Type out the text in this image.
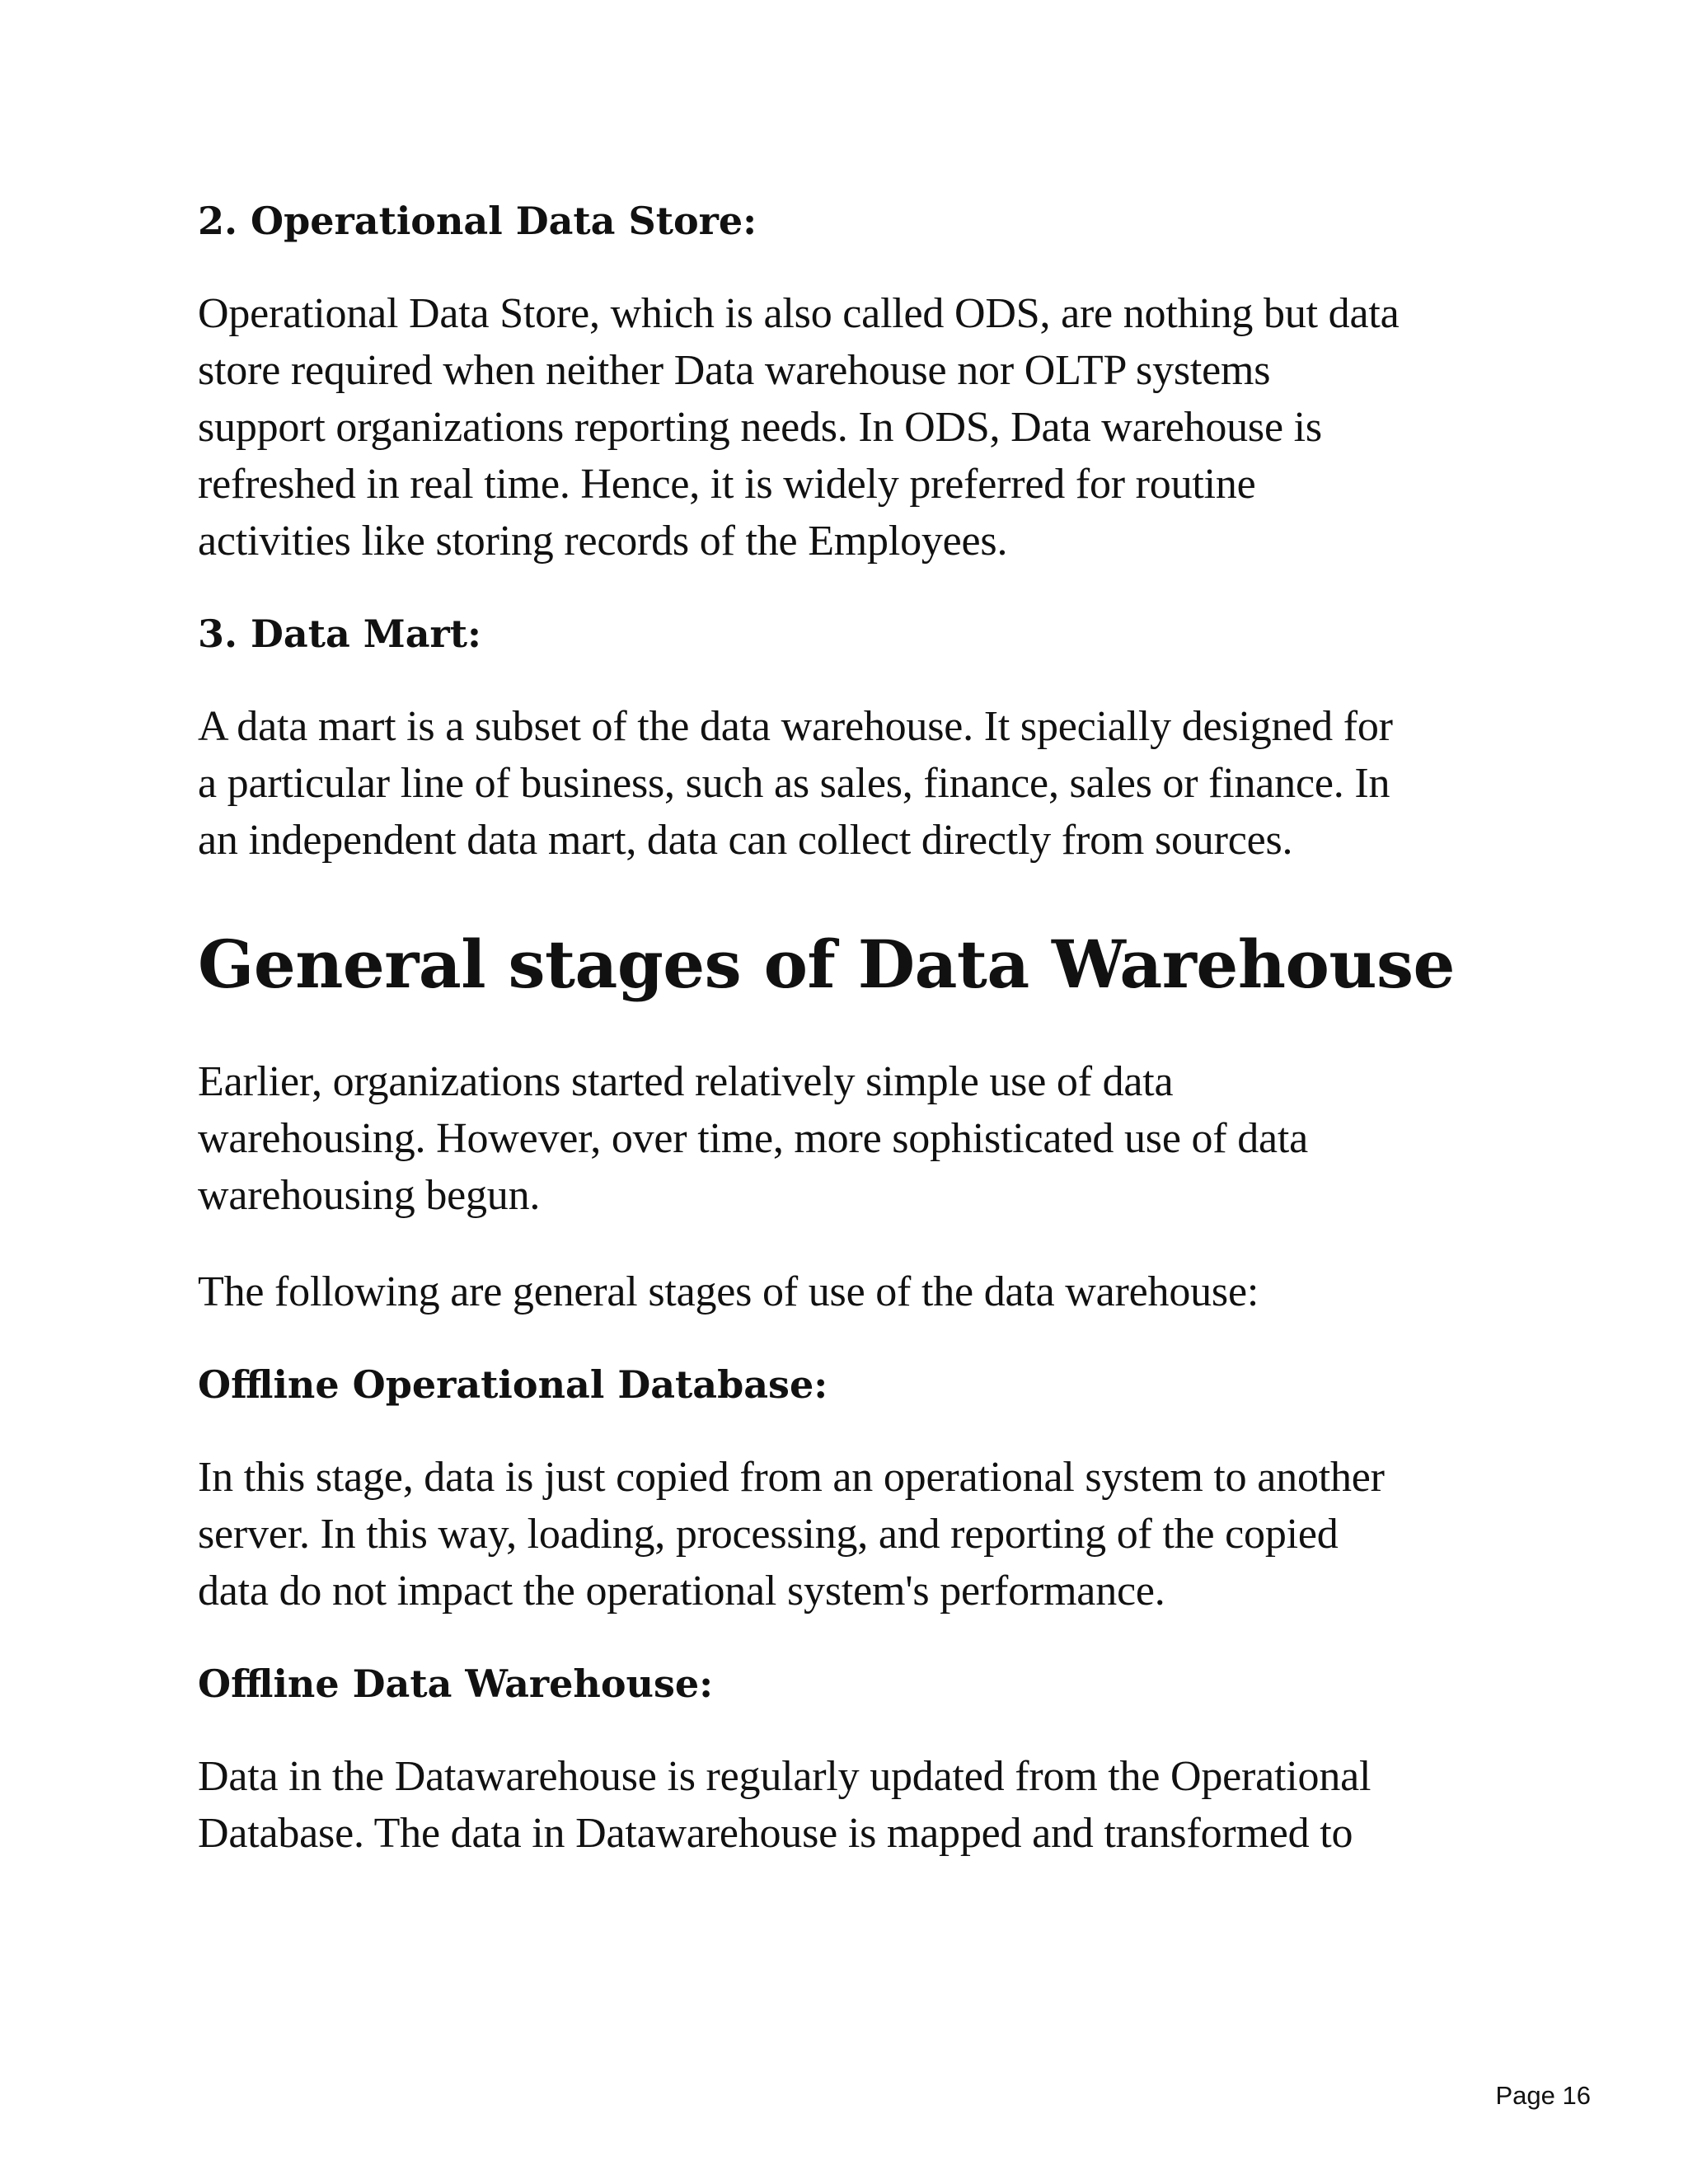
2. Operational Data Store:

Operational Data Store, which is also called ODS, are nothing but data
store required when neither Data warehouse nor OLTP systems
support organizations reporting needs. In ODS, Data warehouse is
refreshed in real time. Hence, it is widely preferred for routine
activities like storing records of the Employees.

3. Data Mart:

A data mart is a subset of the data warehouse. It specially designed for
a particular line of business, such as sales, finance, sales or finance. In
an independent data mart, data can collect directly from sources.

General stages of Data Warehouse

Earlier, organizations started relatively simple use of data
warehousing. However, over time, more sophisticated use of data
warehousing begun.

The following are general stages of use of the data warehouse:

Offline Operational Database:

In this stage, data is just copied from an operational system to another
server. In this way, loading, processing, and reporting of the copied
data do not impact the operational system's performance.

Offline Data Warehouse:

Data in the Datawarehouse is regularly updated from the Operational
Database. The data in Datawarehouse is mapped and transformed to

Page 16
